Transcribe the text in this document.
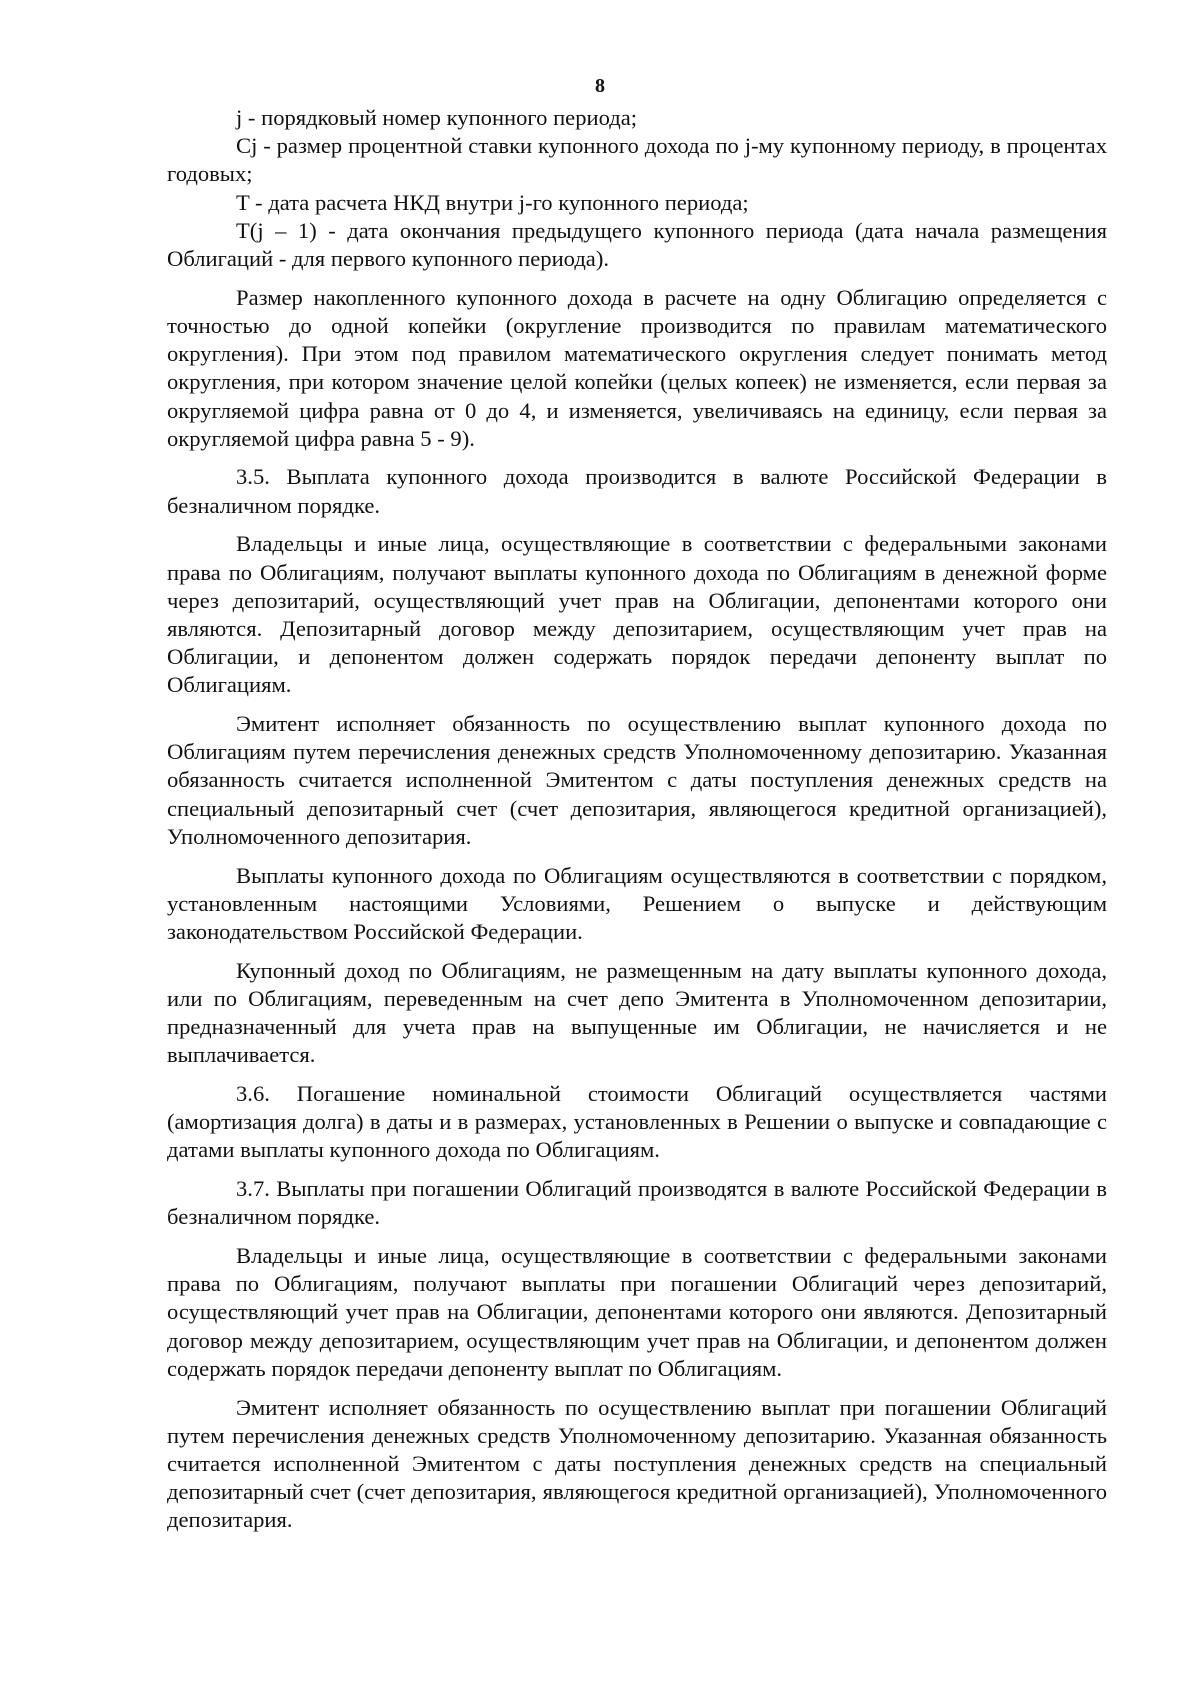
8

j - порядковый номер купонного периода;

Cj - размер процентной ставки купонного дохода по j-му купонному периоду, в процентах годовых;

T - дата расчета НКД внутри j-го купонного периода;

T(j – 1) - дата окончания предыдущего купонного периода (дата начала размещения Облигаций - для первого купонного периода).

Размер накопленного купонного дохода в расчете на одну Облигацию определяется с точностью до одной копейки (округление производится по правилам математического округления). При этом под правилом математического округления следует понимать метод округления, при котором значение целой копейки (целых копеек) не изменяется, если первая за округляемой цифра равна от 0 до 4, и изменяется, увеличиваясь на единицу, если первая за округляемой цифра равна 5 - 9).

3.5. Выплата купонного дохода производится в валюте Российской Федерации в безналичном порядке.

Владельцы и иные лица, осуществляющие в соответствии с федеральными законами права по Облигациям, получают выплаты купонного дохода по Облигациям в денежной форме через депозитарий, осуществляющий учет прав на Облигации, депонентами которого они являются. Депозитарный договор между депозитарием, осуществляющим учет прав на Облигации, и депонентом должен содержать порядок передачи депоненту выплат по Облигациям.

Эмитент исполняет обязанность по осуществлению выплат купонного дохода по Облигациям путем перечисления денежных средств Уполномоченному депозитарию. Указанная обязанность считается исполненной Эмитентом с даты поступления денежных средств на специальный депозитарный счет (счет депозитария, являющегося кредитной организацией), Уполномоченного депозитария.

Выплаты купонного дохода по Облигациям осуществляются в соответствии с порядком, установленным настоящими Условиями, Решением о выпуске и действующим законодательством Российской Федерации.

Купонный доход по Облигациям, не размещенным на дату выплаты купонного дохода, или по Облигациям, переведенным на счет депо Эмитента в Уполномоченном депозитарии, предназначенный для учета прав на выпущенные им Облигации, не начисляется и не выплачивается.

3.6. Погашение номинальной стоимости Облигаций осуществляется частями (амортизация долга) в даты и в размерах, установленных в Решении о выпуске и совпадающие с датами выплаты купонного дохода по Облигациям.

3.7. Выплаты при погашении Облигаций производятся в валюте Российской Федерации в безналичном порядке.

Владельцы и иные лица, осуществляющие в соответствии с федеральными законами права по Облигациям, получают выплаты при погашении Облигаций через депозитарий, осуществляющий учет прав на Облигации, депонентами которого они являются. Депозитарный договор между депозитарием, осуществляющим учет прав на Облигации, и депонентом должен содержать порядок передачи депоненту выплат по Облигациям.

Эмитент исполняет обязанность по осуществлению выплат при погашении Облигаций путем перечисления денежных средств Уполномоченному депозитарию. Указанная обязанность считается исполненной Эмитентом с даты поступления денежных средств на специальный депозитарный счет (счет депозитария, являющегося кредитной организацией), Уполномоченного депозитария.
